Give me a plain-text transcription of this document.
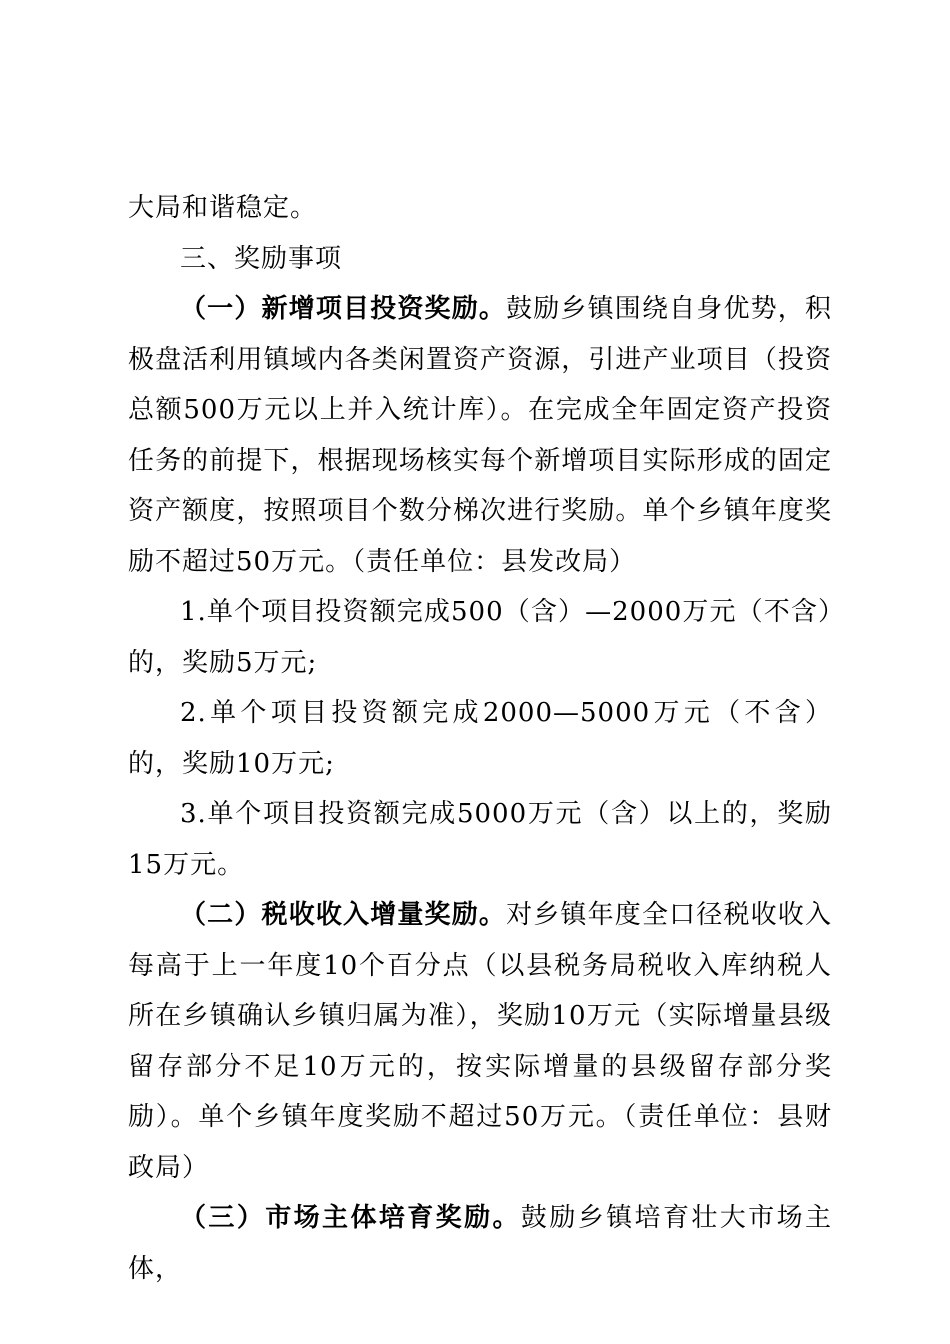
大局和谐稳定。

三、奖励事项

（一）新增项目投资奖励。鼓励乡镇围绕自身优势，积极盘活利用镇域内各类闲置资产资源，引进产业项目（投资总额500万元以上并入统计库）。在完成全年固定资产投资任务的前提下，根据现场核实每个新增项目实际形成的固定资产额度，按照项目个数分梯次进行奖励。单个乡镇年度奖励不超过50万元。（责任单位：县发改局）

1.单个项目投资额完成500（含）—2000万元（不含）的，奖励5万元;

2.单个项目投资额完成2000—5000万元（不含）的，奖励10万元;

3.单个项目投资额完成5000万元（含）以上的，奖励15万元。

（二）税收收入增量奖励。对乡镇年度全口径税收收入每高于上一年度10个百分点（以县税务局税收入库纳税人所在乡镇确认乡镇归属为准），奖励10万元（实际增量县级留存部分不足10万元的，按实际增量的县级留存部分奖励）。单个乡镇年度奖励不超过50万元。（责任单位：县财政局）

（三）市场主体培育奖励。鼓励乡镇培育壮大市场主体，
